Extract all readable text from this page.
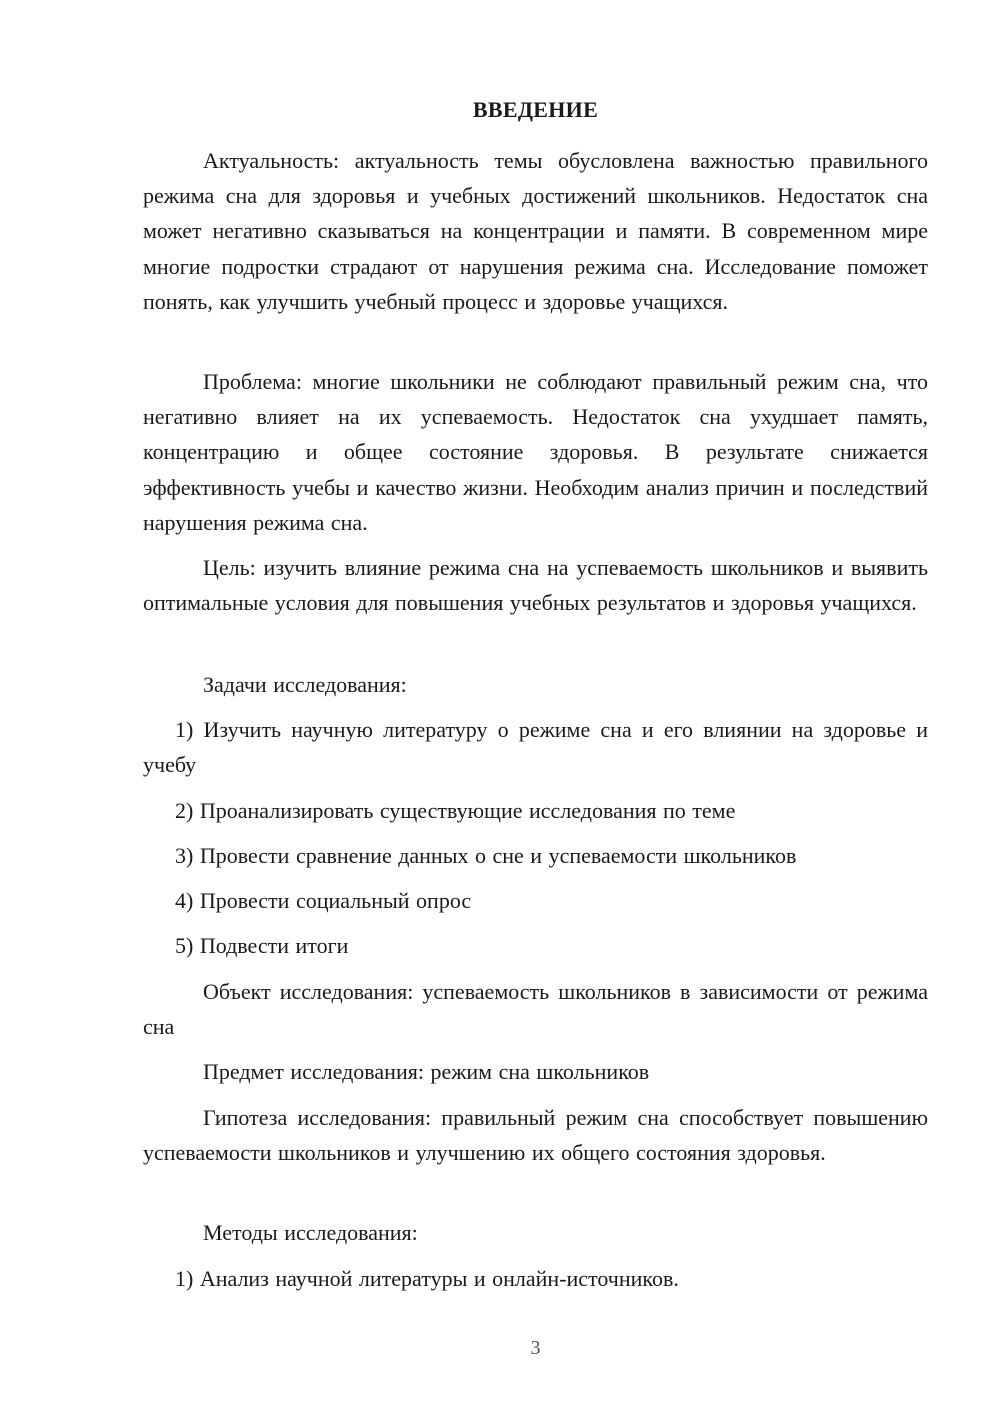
ВВЕДЕНИЕ

Актуальность: актуальность темы обусловлена важностью правильного режима сна для здоровья и учебных достижений школьников. Недостаток сна может негативно сказываться на концентрации и памяти. В современном мире многие подростки страдают от нарушения режима сна. Исследование поможет понять, как улучшить учебный процесс и здоровье учащихся.

Проблема: многие школьники не соблюдают правильный режим сна, что негативно влияет на их успеваемость. Недостаток сна ухудшает память, концентрацию и общее состояние здоровья. В результате снижается эффективность учебы и качество жизни. Необходим анализ причин и последствий нарушения режима сна.

Цель: изучить влияние режима сна на успеваемость школьников и выявить оптимальные условия для повышения учебных результатов и здоровья учащихся.

Задачи исследования:

1) Изучить научную литературу о режиме сна и его влиянии на здоровье и учебу

2) Проанализировать существующие исследования по теме

3) Провести сравнение данных о сне и успеваемости школьников

4) Провести социальный опрос

5) Подвести итоги

Объект исследования: успеваемость школьников в зависимости от режима сна

Предмет исследования: режим сна школьников

Гипотеза исследования: правильный режим сна способствует повышению успеваемости школьников и улучшению их общего состояния здоровья.

Методы исследования:

1) Анализ научной литературы и онлайн-источников.

3
